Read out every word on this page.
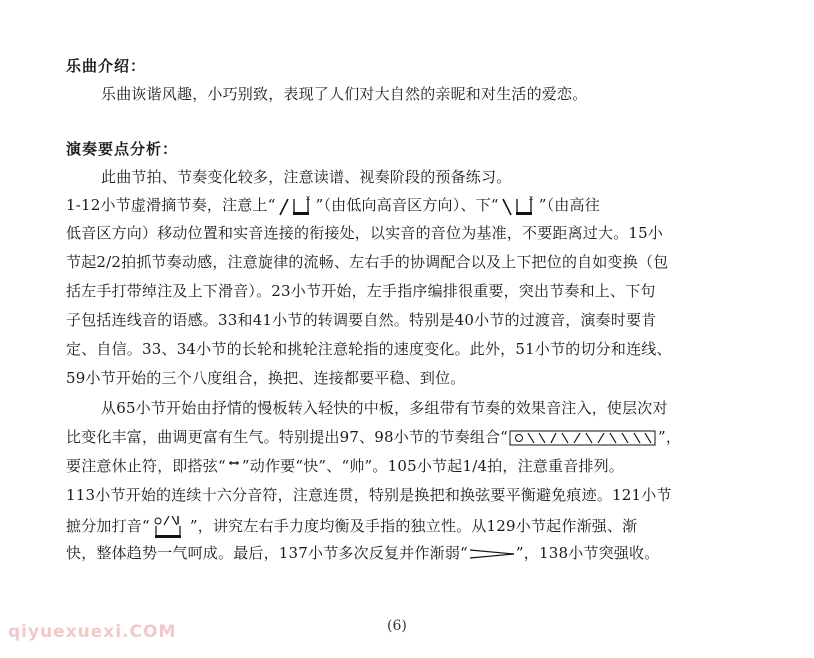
乐曲介绍：
乐曲诙谐风趣，小巧别致，表现了人们对大自然的亲昵和对生活的爱恋。
演奏要点分析：
此曲节拍、节奏变化较多，注意读谱、视奏阶段的预备练习。
1-12小节虚滑摘节奏，注意上“	x ”（由低向高音区方向）、下“	x ”（由高往
低音区方向）移动位置和实音连接的衔接处，以实音的音位为基准，不要距离过大。15小
节起2/2拍抓节奏动感，注意旋律的流畅、左右手的协调配合以及上下把位的自如变换（包
括左手打带绰注及上下滑音）。23小节开始，左手指序编排很重要，突出节奏和上、下句
子包括连线音的语感。33和41小节的转调要自然。特别是40小节的过渡音，演奏时要肯
定、自信。33、34小节的长轮和挑轮注意轮指的速度变化。此外，51小节的切分和连线、
59小节开始的三个八度组合，换把、连接都要平稳、到位。
从65小节开始由抒情的慢板转入轻快的中板，多组带有节奏的效果音注入，使层次对
比变化丰富，曲调更富有生气。特别提出97、98小节的节奏组合“	”，
要注意休止符，即搭弦“ ”动作要“快”、“帅”。105小节起1/4拍，注意重音排列。
113小节开始的连续十六分音符，注意连贯，特别是换把和换弦要平衡避免痕迹。121小节
摭分加打音“	”，讲究左右手力度均衡及手指的独立性。从129小节起作渐强、渐
快，整体趋势一气呵成。最后，137小节多次反复并作渐弱“	”，138小节突强收。
(6)
qiyuexuexi.COM
